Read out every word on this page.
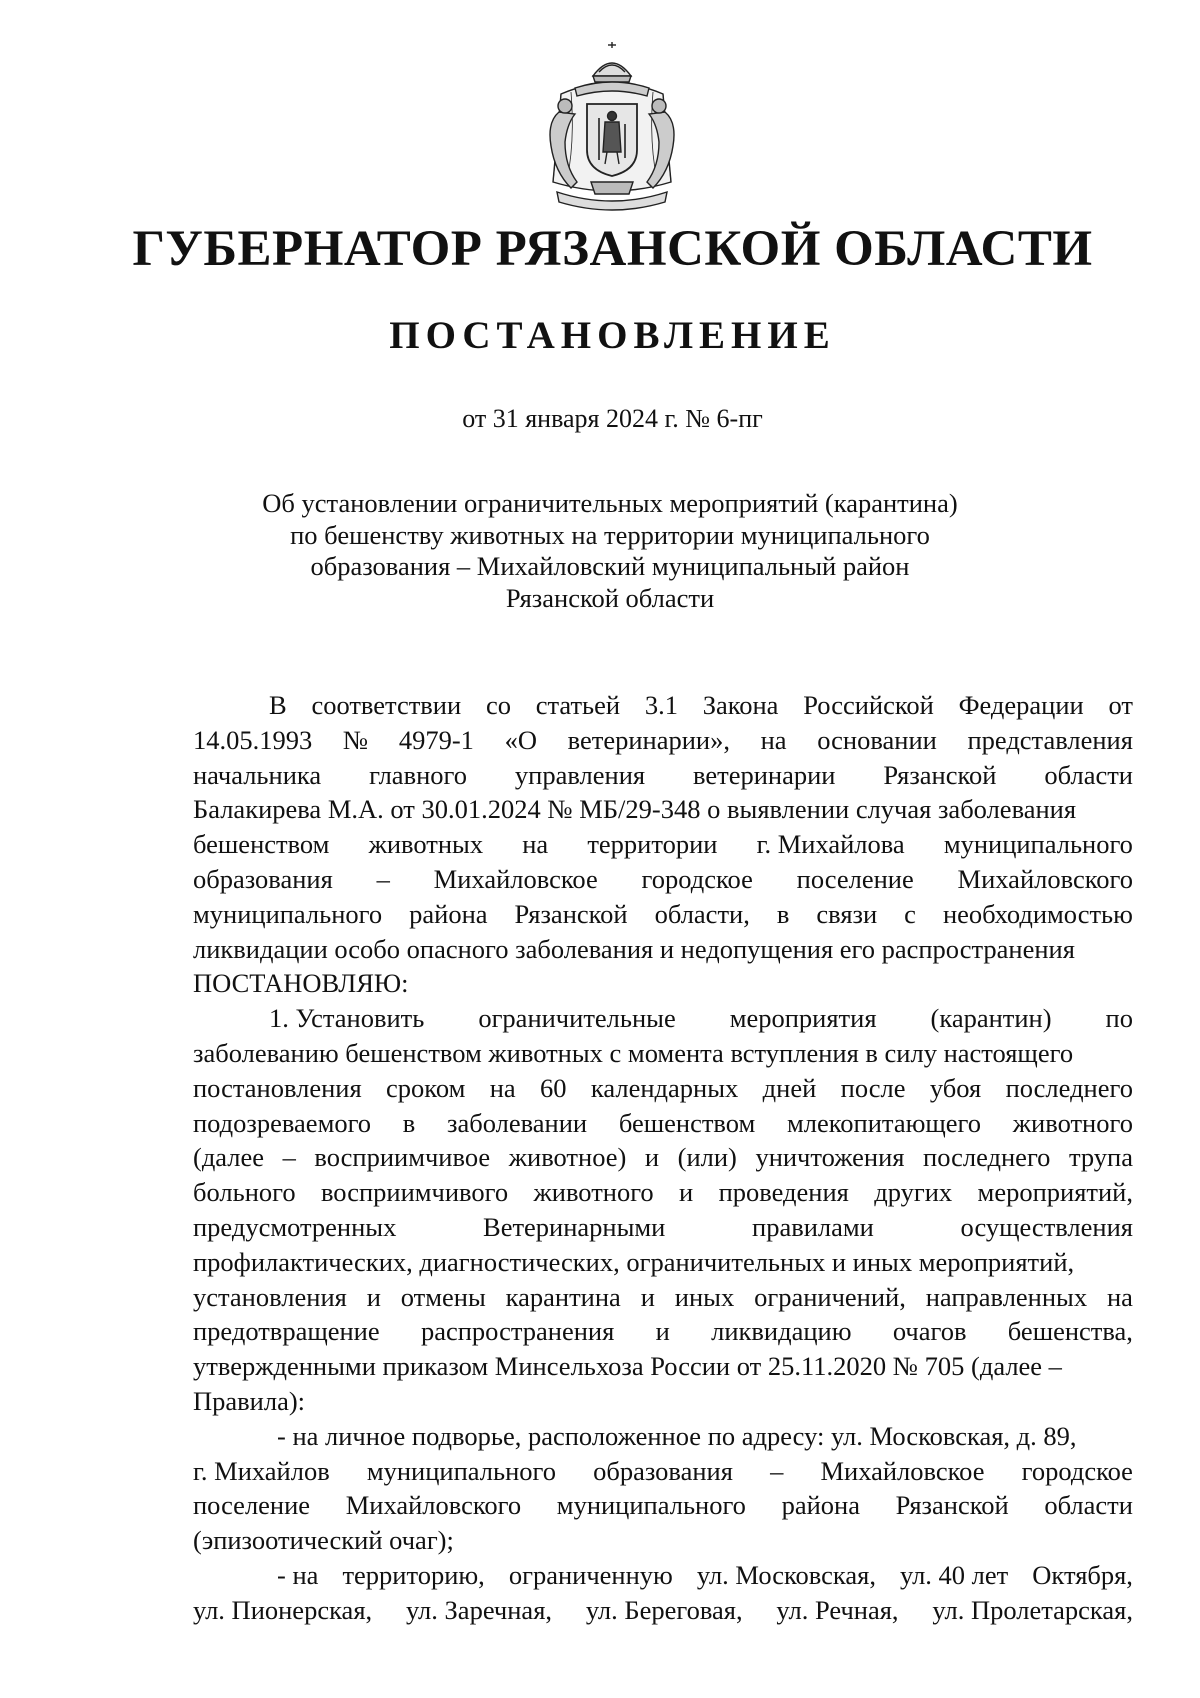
ГУБЕРНАТОР РЯЗАНСКОЙ ОБЛАСТИ
ПОСТАНОВЛЕНИЕ
от 31 января 2024 г. № 6-пг
Об установлении ограничительных мероприятий (карантина)
по бешенству животных на территории муниципального
образования – Михайловский муниципальный район
Рязанской области
В соответствии со статьей 3.1 Закона Российской Федерации от
14.05.1993 № 4979-1 «О ветеринарии», на основании представления
начальника главного управления ветеринарии Рязанской области
Балакирева М.А. от 30.01.2024 № МБ/29-348 о выявлении случая заболевания
бешенством животных на территории г. Михайлова муниципального
образования – Михайловское городское поселение Михайловского
муниципального района Рязанской области, в связи с необходимостью
ликвидации особо опасного заболевания и недопущения его распространения
ПОСТАНОВЛЯЮ:
1. Установить ограничительные мероприятия (карантин) по
заболеванию бешенством животных с момента вступления в силу настоящего
постановления сроком на 60 календарных дней после убоя последнего
подозреваемого в заболевании бешенством млекопитающего животного
(далее – восприимчивое животное) и (или) уничтожения последнего трупа
больного восприимчивого животного и проведения других мероприятий,
предусмотренных	Ветеринарными	правилами	осуществления
профилактических, диагностических, ограничительных и иных мероприятий,
установления и отмены карантина и иных ограничений, направленных на
предотвращение распространения и ликвидацию очагов бешенства,
утвержденными приказом Минсельхоза России от 25.11.2020 № 705 (далее –
Правила):
- на личное подворье, расположенное по адресу: ул. Московская, д. 89,
г. Михайлов муниципального образования – Михайловское городское
поселение Михайловского муниципального района Рязанской области
(эпизоотический очаг);
- на территорию, ограниченную ул. Московская, ул. 40 лет Октября,
ул. Пионерская, ул. Заречная, ул. Береговая, ул. Речная, ул. Пролетарская,
